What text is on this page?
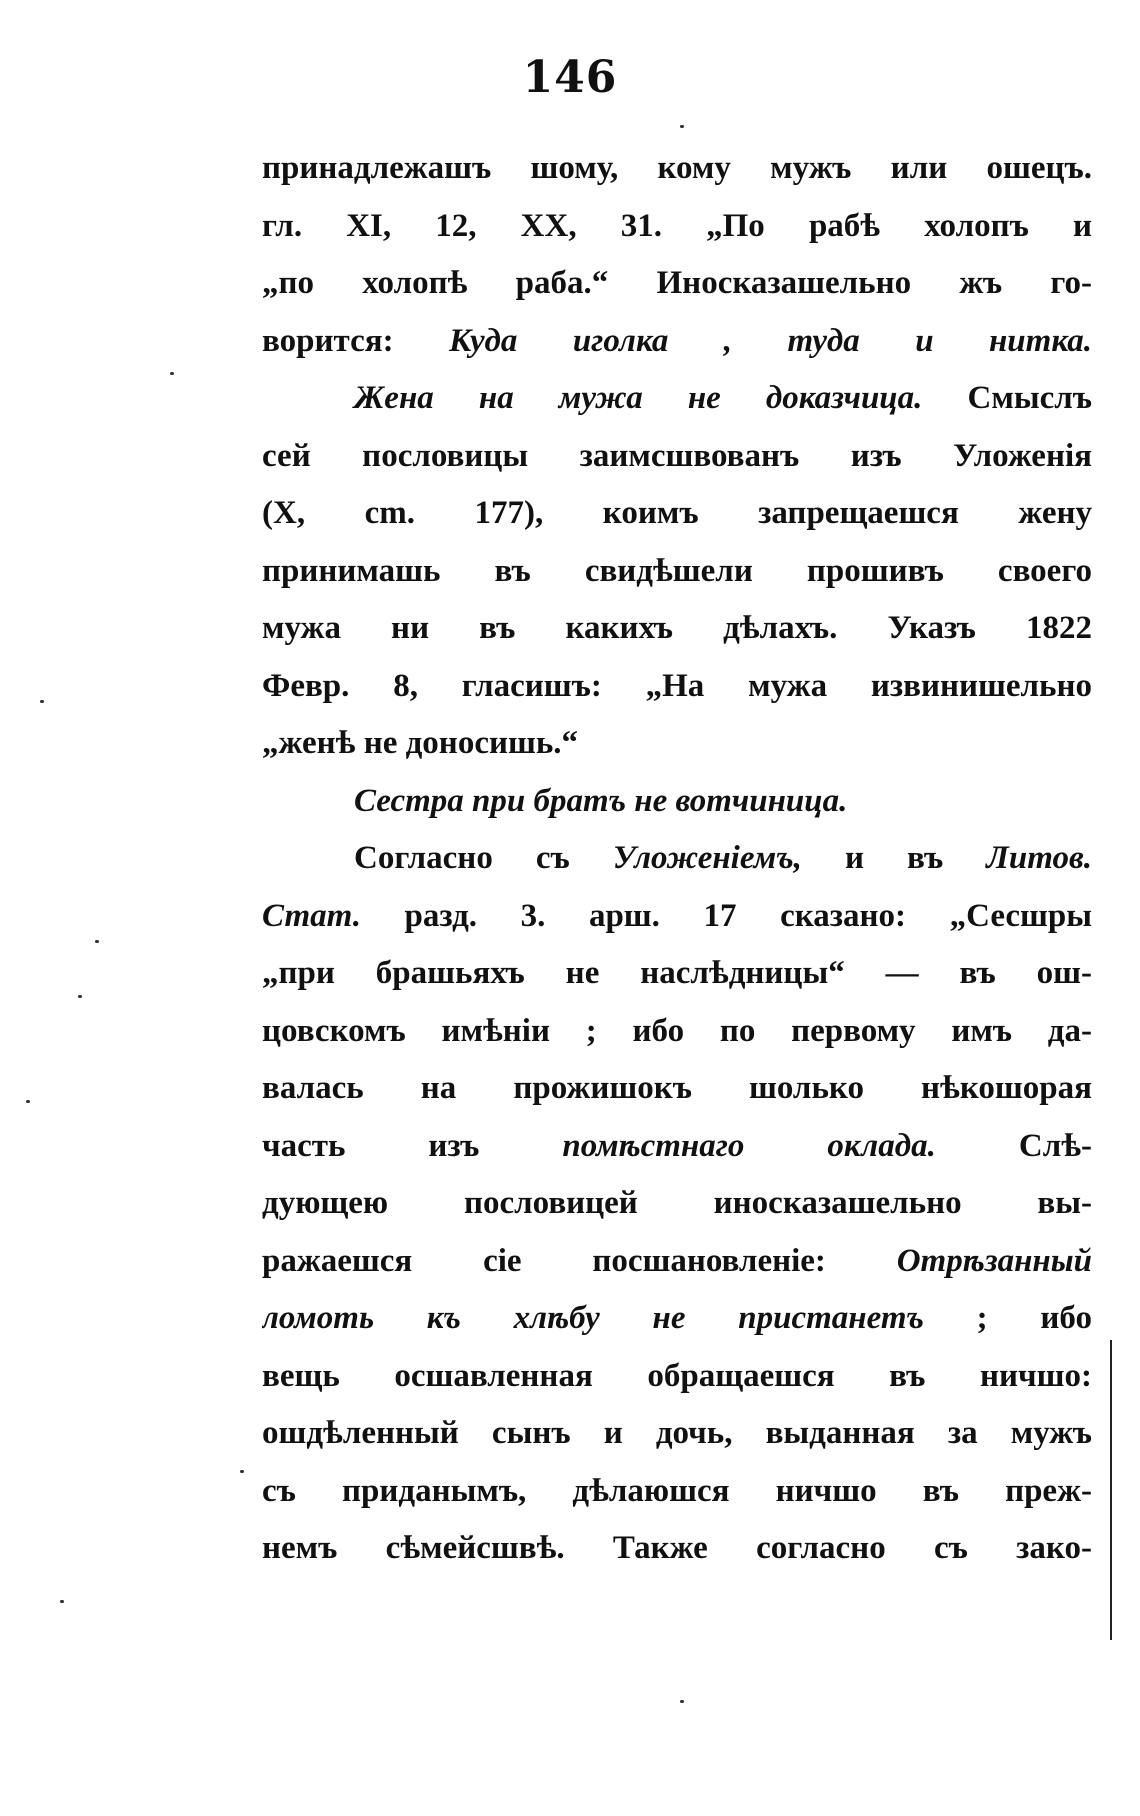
146
принадлежашъ шому, кому мужъ или ошецъ.
гл. XI, 12, XX, 31. „По рабѣ холопъ и
„по холопѣ раба.“ Иносказашельно жъ го-
ворится: Куда иголка , туда и нитка.
Жена на мужа не доказчица. Смыслъ
сей пословицы заимсшвованъ изъ Уложенія
(X, cm. 177), коимъ запрещаешся жену
принимашь въ свидѣшели прошивъ своего
мужа ни въ какихъ дѣлахъ. Указъ 1822
Февр. 8, гласишъ: „На мужа извинишельно
„женѣ не доносишь.“
Сестра при братъ не вотчиница.
Согласно съ Уложеніемъ, и въ Литов.
Стат. разд. 3. арш. 17 сказано: „Сесшры
„при брашьяхъ не наслѣдницы“ — въ ош-
цовскомъ имѣніи ; ибо по первому имъ да-
валась на прожишокъ шолько нѣкошорая
часть изъ помѣстнаго оклада. Слѣ-
дующею пословицей иносказашельно вы-
ражаешся сіе посшановленіе: Отрѣзанный
ломоть къ хлѣбу не пристанетъ ; ибо
вещь осшавленная обращаешся въ ничшо:
ошдѣленный сынъ и дочь, выданная за мужъ
съ приданымъ, дѣлаюшся ничшо въ преж-
немъ сѣмейсшвѣ. Также согласно съ зако-
